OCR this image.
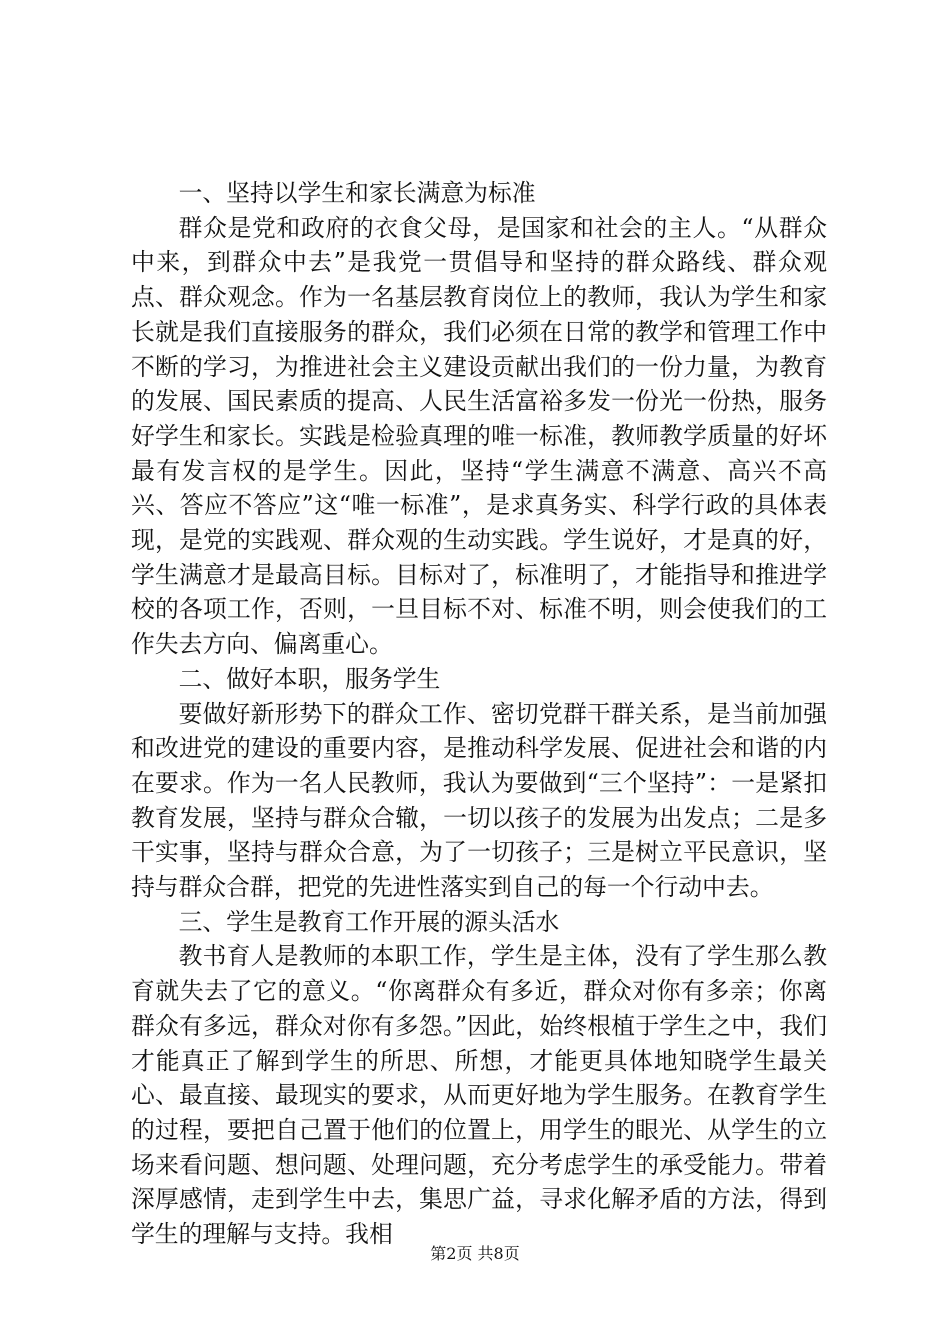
一、坚持以学生和家长满意为标准

群众是党和政府的衣食父母，是国家和社会的主人。“从群众中来，到群众中去”是我党一贯倡导和坚持的群众路线、群众观点、群众观念。作为一名基层教育岗位上的教师，我认为学生和家长就是我们直接服务的群众，我们必须在日常的教学和管理工作中不断的学习，为推进社会主义建设贡献出我们的一份力量，为教育的发展、国民素质的提高、人民生活富裕多发一份光一份热，服务好学生和家长。实践是检验真理的唯一标准，教师教学质量的好坏最有发言权的是学生。因此，坚持“学生满意不满意、高兴不高兴、答应不答应”这“唯一标准”，是求真务实、科学行政的具体表现，是党的实践观、群众观的生动实践。学生说好，才是真的好，学生满意才是最高目标。目标对了，标准明了，才能指导和推进学校的各项工作，否则，一旦目标不对、标准不明，则会使我们的工作失去方向、偏离重心。

二、做好本职，服务学生

要做好新形势下的群众工作、密切党群干群关系，是当前加强和改进党的建设的重要内容，是推动科学发展、促进社会和谐的内在要求。作为一名人民教师，我认为要做到“三个坚持”：一是紧扣教育发展，坚持与群众合辙，一切以孩子的发展为出发点；二是多干实事，坚持与群众合意，为了一切孩子；三是树立平民意识，坚持与群众合群，把党的先进性落实到自己的每一个行动中去。

三、学生是教育工作开展的源头活水

教书育人是教师的本职工作，学生是主体，没有了学生那么教育就失去了它的意义。“你离群众有多近，群众对你有多亲；你离群众有多远，群众对你有多怨。”因此，始终根植于学生之中，我们才能真正了解到学生的所思、所想，才能更具体地知晓学生最关心、最直接、最现实的要求，从而更好地为学生服务。在教育学生的过程，要把自己置于他们的位置上，用学生的眼光、从学生的立场来看问题、想问题、处理问题，充分考虑学生的承受能力。带着深厚感情，走到学生中去，集思广益，寻求化解矛盾的方法，得到学生的理解与支持。我相

第2页 共8页
